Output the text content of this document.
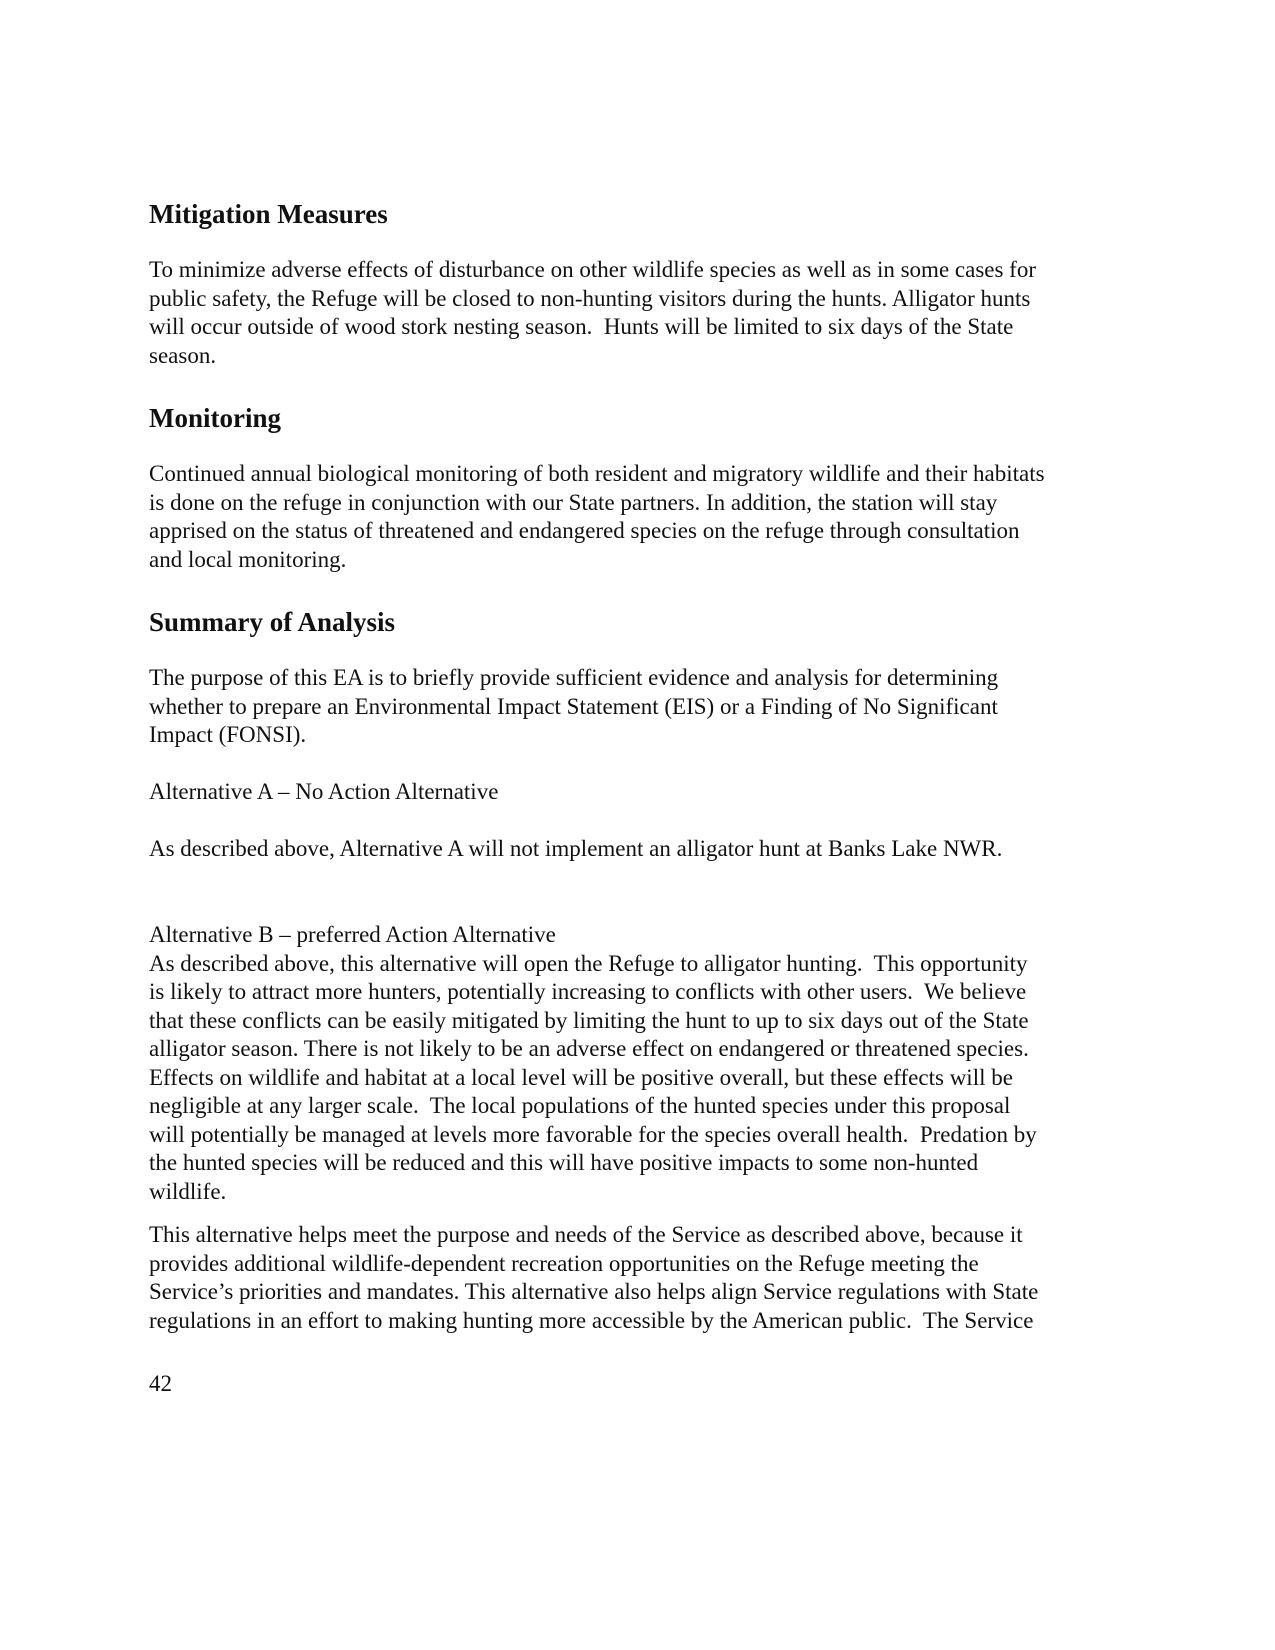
Mitigation Measures

To minimize adverse effects of disturbance on other wildlife species as well as in some cases for
public safety, the Refuge will be closed to non-hunting visitors during the hunts. Alligator hunts
will occur outside of wood stork nesting season.  Hunts will be limited to six days of the State
season.

Monitoring

Continued annual biological monitoring of both resident and migratory wildlife and their habitats
is done on the refuge in conjunction with our State partners. In addition, the station will stay
apprised on the status of threatened and endangered species on the refuge through consultation
and local monitoring.

Summary of Analysis

The purpose of this EA is to briefly provide sufficient evidence and analysis for determining
whether to prepare an Environmental Impact Statement (EIS) or a Finding of No Significant
Impact (FONSI).

Alternative A – No Action Alternative

As described above, Alternative A will not implement an alligator hunt at Banks Lake NWR.

Alternative B – preferred Action Alternative
As described above, this alternative will open the Refuge to alligator hunting.  This opportunity
is likely to attract more hunters, potentially increasing to conflicts with other users.  We believe
that these conflicts can be easily mitigated by limiting the hunt to up to six days out of the State
alligator season. There is not likely to be an adverse effect on endangered or threatened species.
Effects on wildlife and habitat at a local level will be positive overall, but these effects will be
negligible at any larger scale.  The local populations of the hunted species under this proposal
will potentially be managed at levels more favorable for the species overall health.  Predation by
the hunted species will be reduced and this will have positive impacts to some non-hunted
wildlife.

This alternative helps meet the purpose and needs of the Service as described above, because it
provides additional wildlife-dependent recreation opportunities on the Refuge meeting the
Service’s priorities and mandates. This alternative also helps align Service regulations with State
regulations in an effort to making hunting more accessible by the American public.  The Service

42
